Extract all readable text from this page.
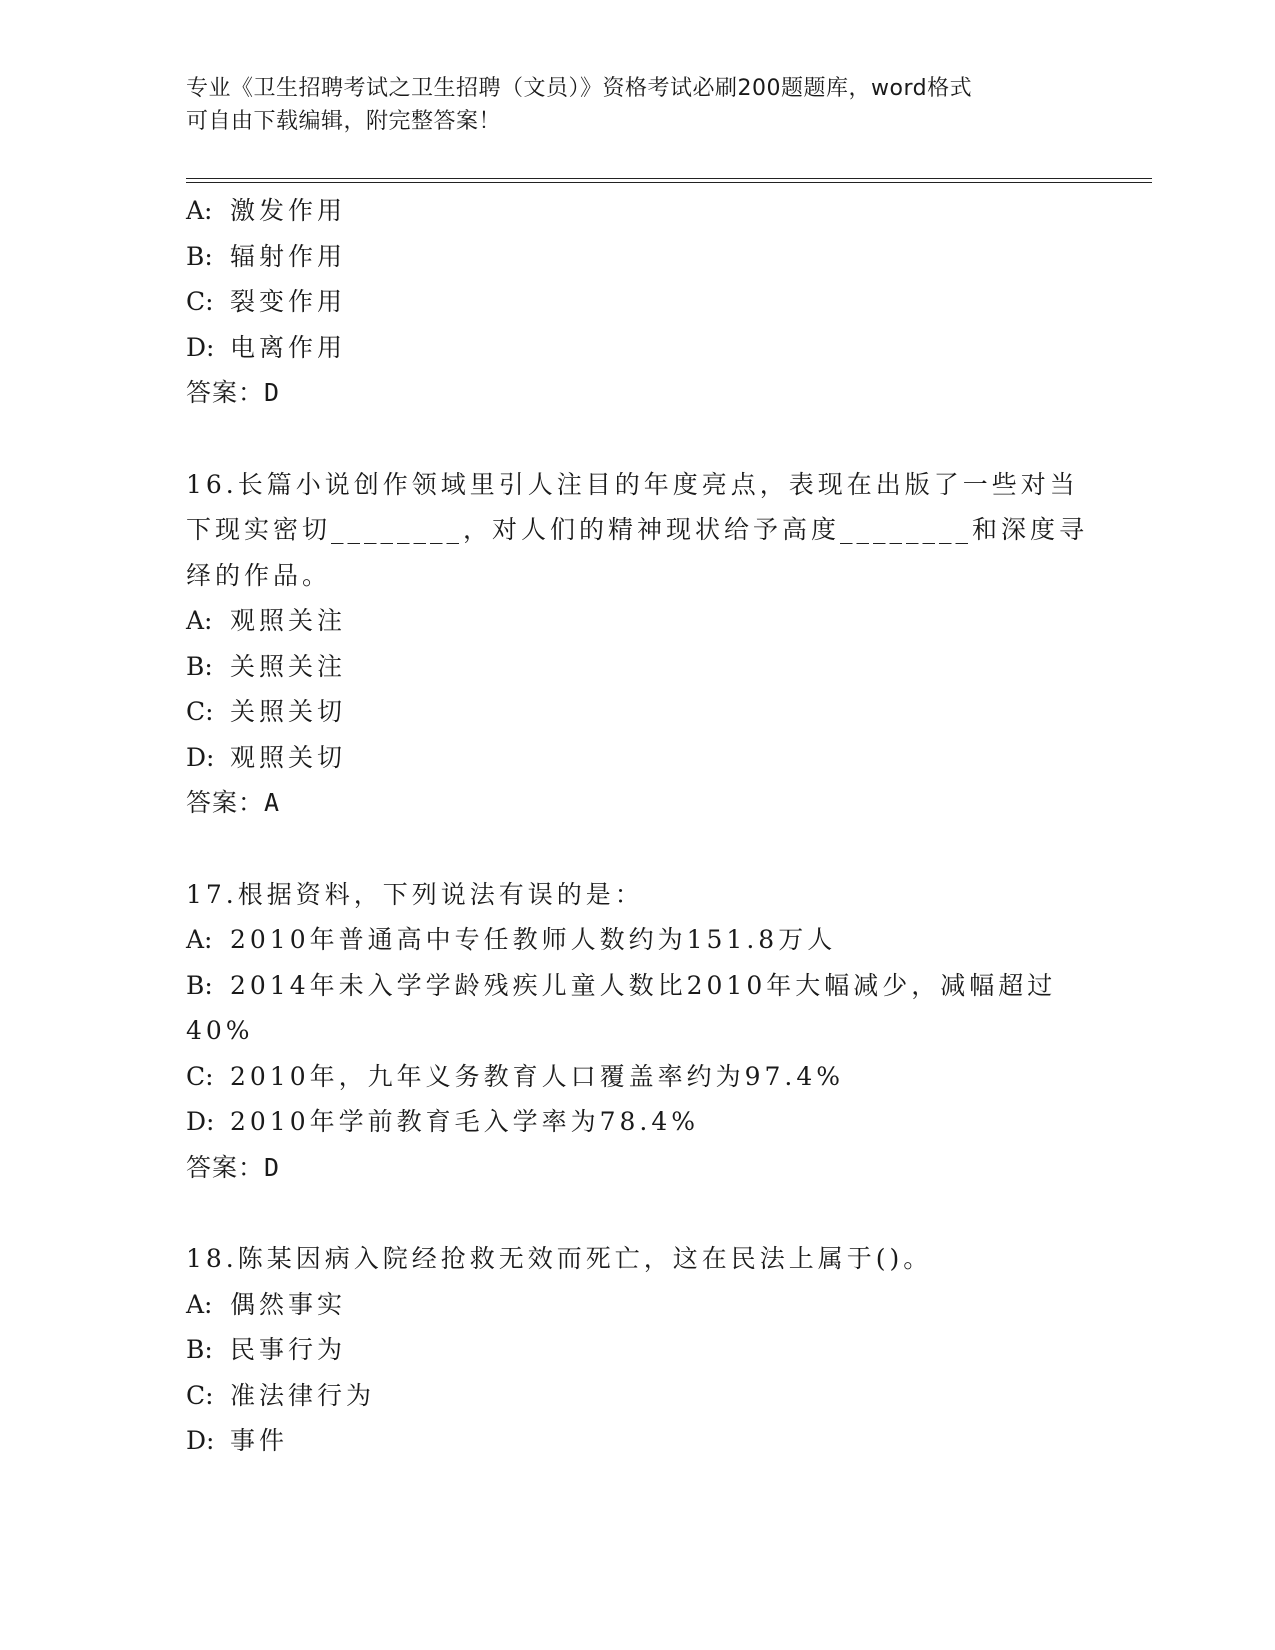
专业《卫生招聘考试之卫生招聘（文员）》资格考试必刷200题题库，word格式
可自由下载编辑，附完整答案！
A: 激发作用
B: 辐射作用
C: 裂变作用
D: 电离作用
答案：D
16.长篇小说创作领域里引人注目的年度亮点，表现在出版了一些对当
下现实密切________，对人们的精神现状给予高度________和深度寻
绎的作品。
A: 观照关注
B: 关照关注
C: 关照关切
D: 观照关切
答案：A
17.根据资料，下列说法有误的是：
A: 2010年普通高中专任教师人数约为151.8万人
B: 2014年未入学学龄残疾儿童人数比2010年大幅减少，减幅超过
40%
C: 2010年，九年义务教育人口覆盖率约为97.4%
D: 2010年学前教育毛入学率为78.4%
答案：D
18.陈某因病入院经抢救无效而死亡，这在民法上属于()。
A: 偶然事实
B: 民事行为
C: 准法律行为
D: 事件
